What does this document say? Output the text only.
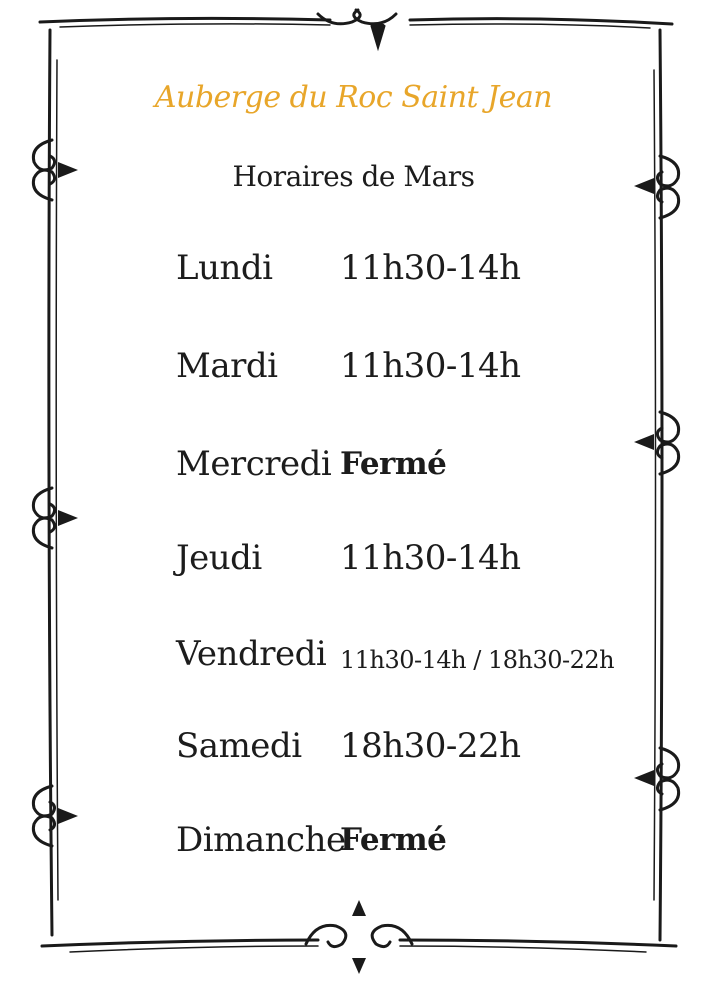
Auberge du Roc Saint Jean
Horaires de Mars
Lundi 11h30-14h
Mardi 11h30-14h
Mercredi Fermé
Jeudi 11h30-14h
Vendredi 11h30-14h / 18h30-22h
Samedi 18h30-22h
Dimanche
Fermé
